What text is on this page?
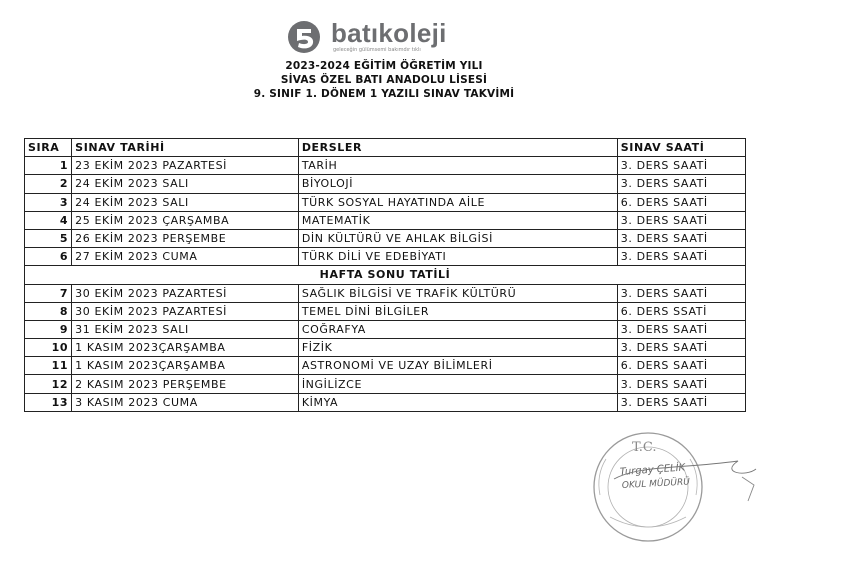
batıkoleji
geleceğin gülümsemi bakımdır tıklı
2023-2024 EĞİTİM ÖĞRETİM YILI
SİVAS ÖZEL BATI ANADOLU LİSESİ
9. SINIF 1. DÖNEM 1 YAZILI SINAV TAKVİMİ
SIRA	SINAV TARİHİ	DERSLER	SINAV SAATİ
1	23 EKİM 2023 PAZARTESİ	TARİH	3. DERS SAATİ
2	24 EKİM 2023 SALI	BİYOLOJİ	3. DERS SAATİ
3	24 EKİM 2023 SALI	TÜRK SOSYAL HAYATINDA AİLE	6. DERS SAATİ
4	25 EKİM 2023 ÇARŞAMBA	MATEMATİK	3. DERS SAATİ
5	26 EKİM 2023 PERŞEMBE	DİN KÜLTÜRÜ VE AHLAK BİLGİSİ	3. DERS SAATİ
6	27 EKİM 2023 CUMA	TÜRK DİLİ VE EDEBİYATI	3. DERS SAATİ
HAFTA SONU TATİLİ			
7	30 EKİM 2023 PAZARTESİ	SAĞLIK BİLGİSİ VE TRAFİK KÜLTÜRÜ	3. DERS SAATİ
8	30 EKİM 2023 PAZARTESİ	TEMEL DİNİ BİLGİLER	6. DERS SSATİ
9	31 EKİM 2023 SALI	COĞRAFYA	3. DERS SAATİ
10	1 KASIM 2023ÇARŞAMBA	FİZİK	3. DERS SAATİ
11	1 KASIM 2023ÇARŞAMBA	ASTRONOMİ VE UZAY BİLİMLERİ	6. DERS SAATİ
12	2 KASIM 2023 PERŞEMBE	İNGİLİZCE	3. DERS SAATİ
13	3 KASIM 2023 CUMA	KİMYA	3. DERS SAATİ
T.C.
Turgay ÇELİK
OKUL MÜDÜRÜ
